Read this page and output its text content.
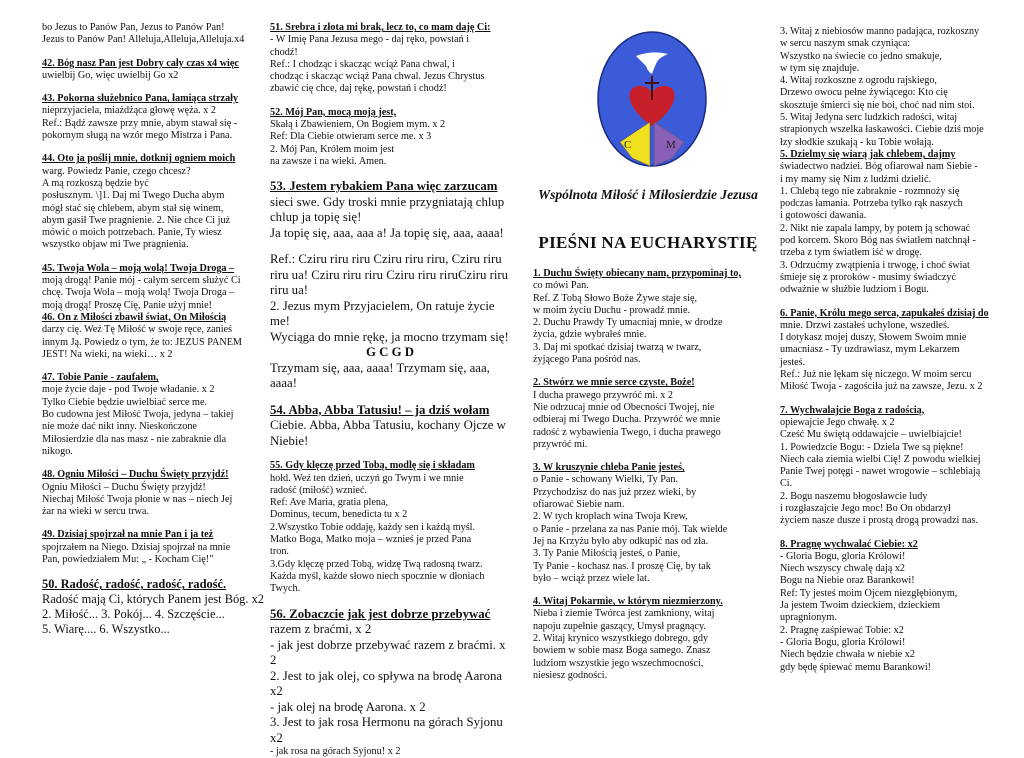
bo Jezus to Panów Pan, Jezus to Panów Pan!

Jezus to Panów Pan! Alleluja,Alleluja,Alleluja.x4

42. Bóg nasz Pan jest Dobry cały czas x4 więc

uwielbij Go, więc uwielbij Go x2

43. Pokorna służebnico Pana, łamiąca strzały

nieprzyjaciela, miażdżąca głowę węża. x 2

Ref.: Bądź zawsze przy mnie, abym stawał się -

pokornym sługą na wzór mego Mistrza i Pana.

44. Oto ja poślij mnie, dotknij ogniem moich

warg. Powiedz Panie, czego chcesz?

A mą rozkoszą będzie być

posłusznym. \]1. Daj mi Twego Ducha abym

mógł stać się chlebem, abym stał się winem,

abym gasił Twe pragnienie. 2. Nie chce Ci już

mówić o moich potrzebach. Panie, Ty wiesz

wszystko objaw mi Twe pragnienia.

45. Twoja Wola – moją wolą! Twoja Droga –

moją drogą! Panie mój - całym sercem służyć Ci

chcę. Twoja Wola – moją wolą! Twoja Droga –

moją drogą! Proszę Cię, Panie użyj mnie!

46. On z Miłości zbawił świat, On Miłością

darzy cię. Weź Tę Miłość w swoje ręce, zanieś

innym Ją. Powiedz o tym, że to: JEZUS PANEM

JEST! Na wieki, na wieki… x 2

47. Tobie Panie - zaufałem,

moje życie daje - pod Twoje władanie. x 2

Tylko Ciebie będzie uwielbiać serce me.

Bo cudowna jest Miłość Twoja, jedyna – takiej

nie może dać nikt inny. Nieskończone

Miłosierdzie dla nas masz - nie zabraknie dla

nikogo.

48. Ogniu Miłości – Duchu Święty przyjdź!

Ogniu Miłości – Duchu Święty przyjdź!

Niechaj Miłość Twoja płonie w nas – niech Jej

żar na wieki w sercu trwa.

49. Dzisiaj spojrzał na mnie Pan i ja też

spojrzałem na Niego. Dzisiaj spojrzał na mnie

Pan, powiedziałem Mu: „ - Kocham Cię!"

50. Radość, radość, radość, radość.

Radość mają Ci, których Panem jest Bóg. x2

2. Miłość... 3. Pokój... 4. Szczęście...

5. Wiarę.... 6. Wszystko...

51. Srebra i złota mi brak, lecz to, co mam daję Ci:

- W Imię Pana Jezusa mego - daj ręko, powstań i

chodź!

Ref.: I chodząc i skacząc wciąż Pana chwal, i

chodząc i skacząc wciąż Pana chwal. Jezus Chrystus

zbawić cię chce, daj rękę, powstań i chodź!

52. Mój Pan, mocą moją jest,

Skałą i Zbawieniem, On Bogiem mym. x 2

Ref: Dla Ciebie otwieram serce me. x 3

2. Mój Pan, Królem moim jest

na zawsze i na wieki. Amen.

53. Jestem rybakiem Pana więc zarzucam

sieci swe. Gdy troski mnie przygniatają chlup

chlup ja topię się!

Ja topię się, aaa, aaa a! Ja topię się, aaa, aaaa!

Ref.: Cziru riru riru Cziru riru riru, Cziru riru

riru ua! Cziru riru riru Cziru riru riruCziru riru

riru ua!

2. Jezus mym Przyjacielem, On ratuje życie me!

Wyciąga do mnie rękę, ja mocno trzymam się!

G C G D

Trzymam się, aaa, aaaa! Trzymam się, aaa,

aaaa!

54. Abba, Abba Tatusiu! – ja dziś wołam

Ciebie. Abba, Abba Tatusiu, kochany Ojcze w

Niebie!

55. Gdy klęczę przed Tobą, modlę się i składam

hołd. Weź ten dzień, uczyń go Twym i we mnie

radość (miłość) wznieć.

Ref: Ave Maria, gratia plena,

Dominus, tecum, benedicta tu x 2

2.Wszystko Tobie oddaję, każdy sen i każdą myśl.

Matko Boga, Matko moja – wznieś je przed Pana

tron.

3.Gdy klęczę przed Tobą, widzę Twą radosną twarz.

Każda myśl, każde słowo niech spocznie w dłoniach

Twych.

56. Zobaczcie jak jest dobrze przebywać

razem z braćmi, x 2

- jak jest dobrze przebywać razem z braćmi. x 2

2. Jest to jak olej, co spływa na brodę Aarona x2

- jak olej na brodę Aarona. x 2

3. Jest to jak rosa Hermonu na górach Syjonu x2

- jak rosa na górach Syjonu! x 2

C	M
Wspólnota Miłość i Miłosierdzie Jezusa
PIEŚNI NA EUCHARYSTIĘ

1. Duchu Święty obiecany nam, przypominaj to,

co mówi Pan.

Ref. Z Tobą Słowo Boże Żywe staje się,

w moim życiu Duchu - prowadź mnie.

2. Duchu Prawdy Ty umacniaj mnie, w drodze

życia, gdzie wybrałeś mnie.

3. Daj mi spotkać dzisiaj twarzą w twarz,

żyjącego Pana pośród nas.

2. Stwórz we mnie serce czyste, Boże!

I ducha prawego przywróć mi. x 2

Nie odrzucaj mnie od Obecności Twojej, nie

odbieraj mi Twego Ducha. Przywróć we mnie

radość z wybawienia Twego, i ducha prawego

przywróć mi.

3. W kruszynie chleba Panie jesteś,

o Panie - schowany Wielki, Ty Pan.

Przychodzisz do nas już przez wieki, by

ofiarować Siebie nam.

2. W tych kroplach wina Twoja Krew,

o Panie - przelana za nas Panie mój. Tak wielde

Jej na Krzyżu było aby odkupić nas od zła.

3. Ty Panie Miłością jesteś, o Panie,

Ty Panie - kochasz nas. I proszę Cię, by tak

było – wciąż przez wiele lat.

4. Witaj Pokarmie, w którym niezmierzony.

Nieba i ziemie Twórca jest zamkniony, witaj

napoju zupełnie gaszący, Umysł pragnący.

2. Witaj krynico wszystkiego dobrego, gdy

bowiem w sobie masz Boga samego. Znasz

ludziom wszystkie jego wszechmocności,

niesiesz godności.

3. Witaj z niebiosów manno padająca, rozkoszny

w sercu naszym smak czyniąca:

Wszystko na świecie co jedno smakuje,

w tym się znajduje.

4. Witaj rozkoszne z ogrodu rajskiego,

Drzewo owocu pełne żywiącego: Kto cię

skosztuje śmierci się nie boi, choć nad nim stoi.

5. Witaj Jedyna serc ludzkich radości, witaj

strapionych wszelka łaskawości. Ciebie dziś moje

łzy słodkie szukają - ku Tobie wołają.

5. Dzielmy się wiarą jak chlebem, dajmy

świadectwo nadziei. Bóg ofiarował nam Siebie -

i my mamy się Nim z ludźmi dzielić.

1. Chlebą tego nie zabraknie - rozmnoży się

podczas łamania. Potrzeba tylko rąk naszych

i gotowości dawania.

2. Nikt nie zapala lampy, by potem ją schować

pod korcem. Skoro Bóg nas światłem natchnął -

trzeba z tym światłem iść w drogę.

3. Odrzućmy zwątpienia i trwogę, i choć świat

śmieje się z proroków - musimy świadczyć

odważnie w służbie ludziom i Bogu.

6. Panie, Królu mego serca, zapukałeś dzisiaj do

mnie. Drzwi zastałeś uchylone, wszedłeś.

I dotykasz mojej duszy, Słowem Swoim mnie

umacniasz - Ty uzdrawiasz, mym Lekarzem

jesteś.

Ref.: Już nie lękam się niczego. W moim sercu

Miłość Twoja - zagościła już na zawsze, Jezu. x 2

7. Wychwalajcie Boga z radością,

opiewajcie Jego chwałę. x 2

Cześć Mu świętą oddawajcie – uwielbiajcie!

1. Powiedzcie Bogu: - Dziela Twe są piękne!

Niech cała ziemia wielbi Cię! Z powodu wielkiej

Panie Twej potęgi - nawet wrogowie – schlebiają

Ci.

2. Bogu naszemu błogosławcie ludy

i rozgłaszajcie Jego moc! Bo On obdarzył

życiem nasze dusze i prostą drogą prowadzi nas.

8. Pragnę wychwalać Ciebie: x2

- Gloria Bogu, gloria Królowi!

Niech wszyscy chwalę dają x2

Bogu na Niebie oraz Barankowi!

Ref: Ty jesteś moim Ojcem niezgłębionym,

Ja jestem Twoim dzieckiem, dzieckiem

upragnionym.

2. Pragnę zaśpiewać Tobie: x2

- Gloria Bogu, gloria Królowi!

Niech będzie chwała w niebie x2

gdy będę śpiewać memu Barankowi!
